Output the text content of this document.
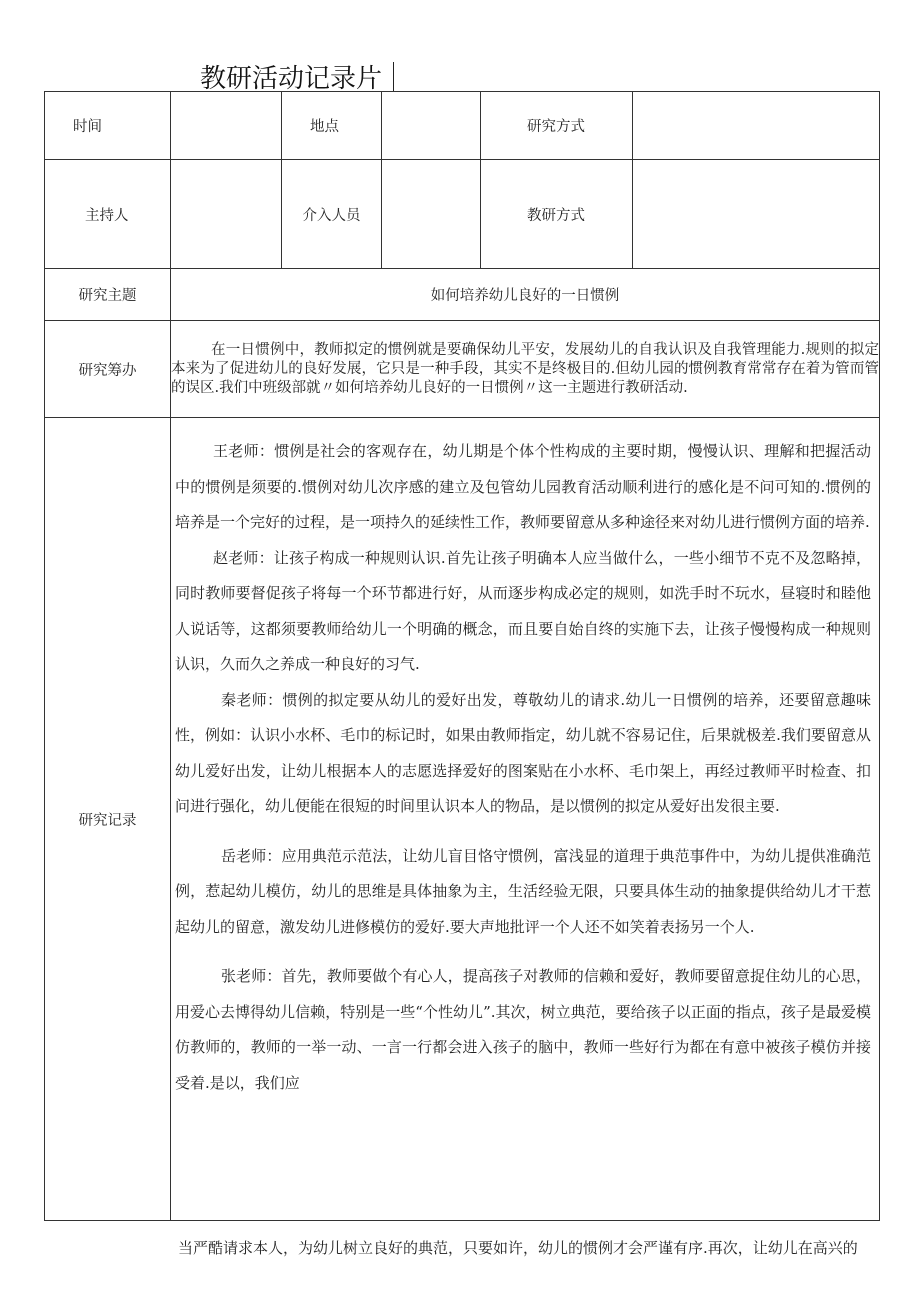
教研活动记录片
时间		地点		研究方式	
主持人		介入人员		教研方式	
研究主题	如何培养幼儿良好的一日惯例				
研究筹办	在一日惯例中，教师拟定的惯例就是要确保幼儿平安，发展幼儿的自我认识及自我管理能力.规则的拟定本来为了促进幼儿的良好发展，它只是一种手段，其实不是终极目的.但幼儿园的惯例教育常常存在着为管而管的误区.我们中班级部就〃如何培养幼儿良好的一日惯例〃这一主题进行教研活动.				

研究记录	王老师：惯例是社会的客观存在，幼儿期是个体个性构成的主要时期，慢慢认识、理解和把握活动中的惯例是须要的.惯例对幼儿次序感的建立及包管幼儿园教育活动顺利进行的感化是不问可知的.惯例的培养是一个完好的过程，是一项持久的延续性工作，教师要留意从多种途径来对幼儿进行惯例方面的培养.

赵老师：让孩子构成一种规则认识.首先让孩子明确本人应当做什么，一些小细节不克不及忽略掉，同时教师要督促孩子将每一个环节都进行好，从而逐步构成必定的规则，如洗手时不玩水，昼寝时和睦他人说话等，这都须要教师给幼儿一个明确的概念，而且要自始自终的实施下去，让孩子慢慢构成一种规则认识，久而久之养成一种良好的习气.

秦老师：惯例的拟定要从幼儿的爱好出发，尊敬幼儿的请求.幼儿一日惯例的培养，还要留意趣味性，例如：认识小水杯、毛巾的标记时，如果由教师指定，幼儿就不容易记住，后果就极差.我们要留意从幼儿爱好出发，让幼儿根据本人的志愿选择爱好的图案贴在小水杯、毛巾架上，再经过教师平时检查、扣问进行强化，幼儿便能在很短的时间里认识本人的物品，是以惯例的拟定从爱好出发很主要.

岳老师：应用典范示范法，让幼儿盲目恪守惯例，富浅显的道理于典范事件中，为幼儿提供准确范例，惹起幼儿模仿，幼儿的思维是具体抽象为主，生活经验无限，只要具体生动的抽象提供给幼儿才干惹起幼儿的留意，激发幼儿进修模仿的爱好.要大声地批评一个人还不如笑着表扬另一个人.

张老师：首先，教师要做个有心人，提高孩子对教师的信赖和爱好，教师要留意捉住幼儿的心思，用爱心去博得幼儿信赖，特别是一些“个性幼儿”.其次，树立典范，要给孩子以正面的指点，孩子是最爱模仿教师的，教师的一举一动、一言一行都会进入孩子的脑中，教师一些好行为都在有意中被孩子模仿并接受着.是以，我们应				

当严酷请求本人，为幼儿树立良好的典范，只要如许，幼儿的惯例才会严谨有序.再次，让幼儿在高兴的
